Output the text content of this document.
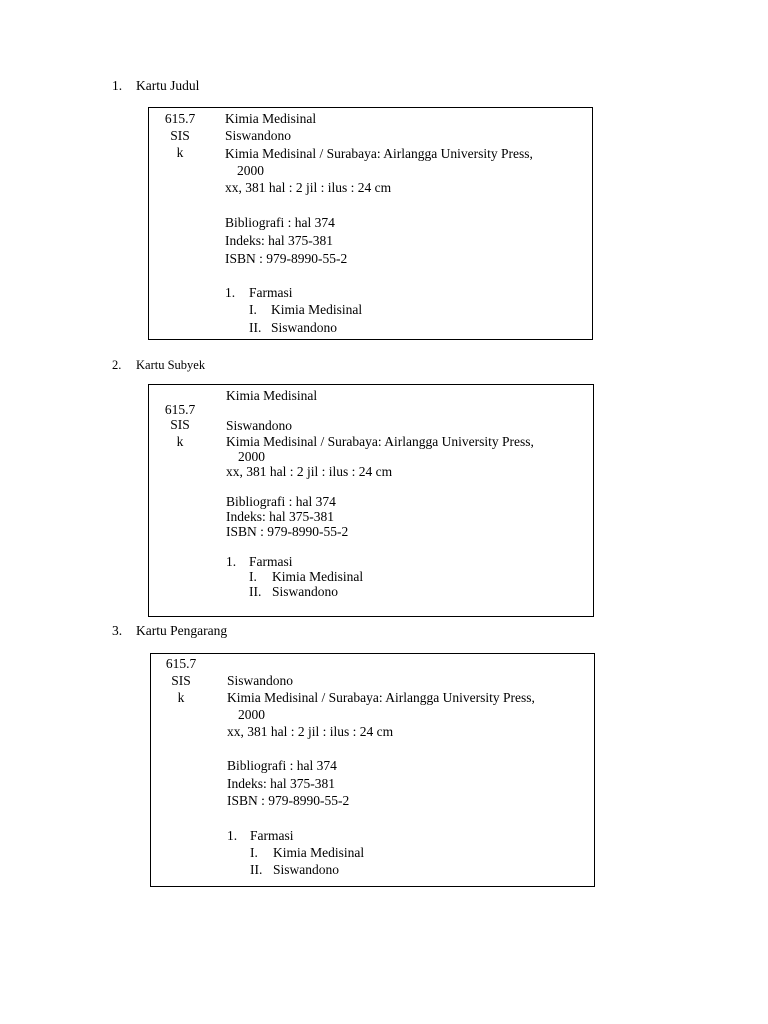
1. Kartu Judul
615.7
SIS
k
Kimia Medisinal
Siswandono
Kimia Medisinal / Surabaya: Airlangga University Press,
2000
xx, 381 hal : 2 jil : ilus : 24 cm
Bibliografi : hal 374
Indeks: hal 375-381
ISBN : 979-8990-55-2
1. Farmasi
I. Kimia Medisinal
II. Siswandono
2. Kartu Subyek
Kimia Medisinal
615.7
SIS
k
Siswandono
Kimia Medisinal / Surabaya: Airlangga University Press,
2000
xx, 381 hal : 2 jil : ilus : 24 cm
Bibliografi : hal 374
Indeks: hal 375-381
ISBN : 979-8990-55-2
1. Farmasi
I. Kimia Medisinal
II. Siswandono
3. Kartu Pengarang
615.7
SIS
k
Siswandono
Kimia Medisinal / Surabaya: Airlangga University Press,
2000
xx, 381 hal : 2 jil : ilus : 24 cm
Bibliografi : hal 374
Indeks: hal 375-381
ISBN : 979-8990-55-2
1. Farmasi
I. Kimia Medisinal
II. Siswandono
